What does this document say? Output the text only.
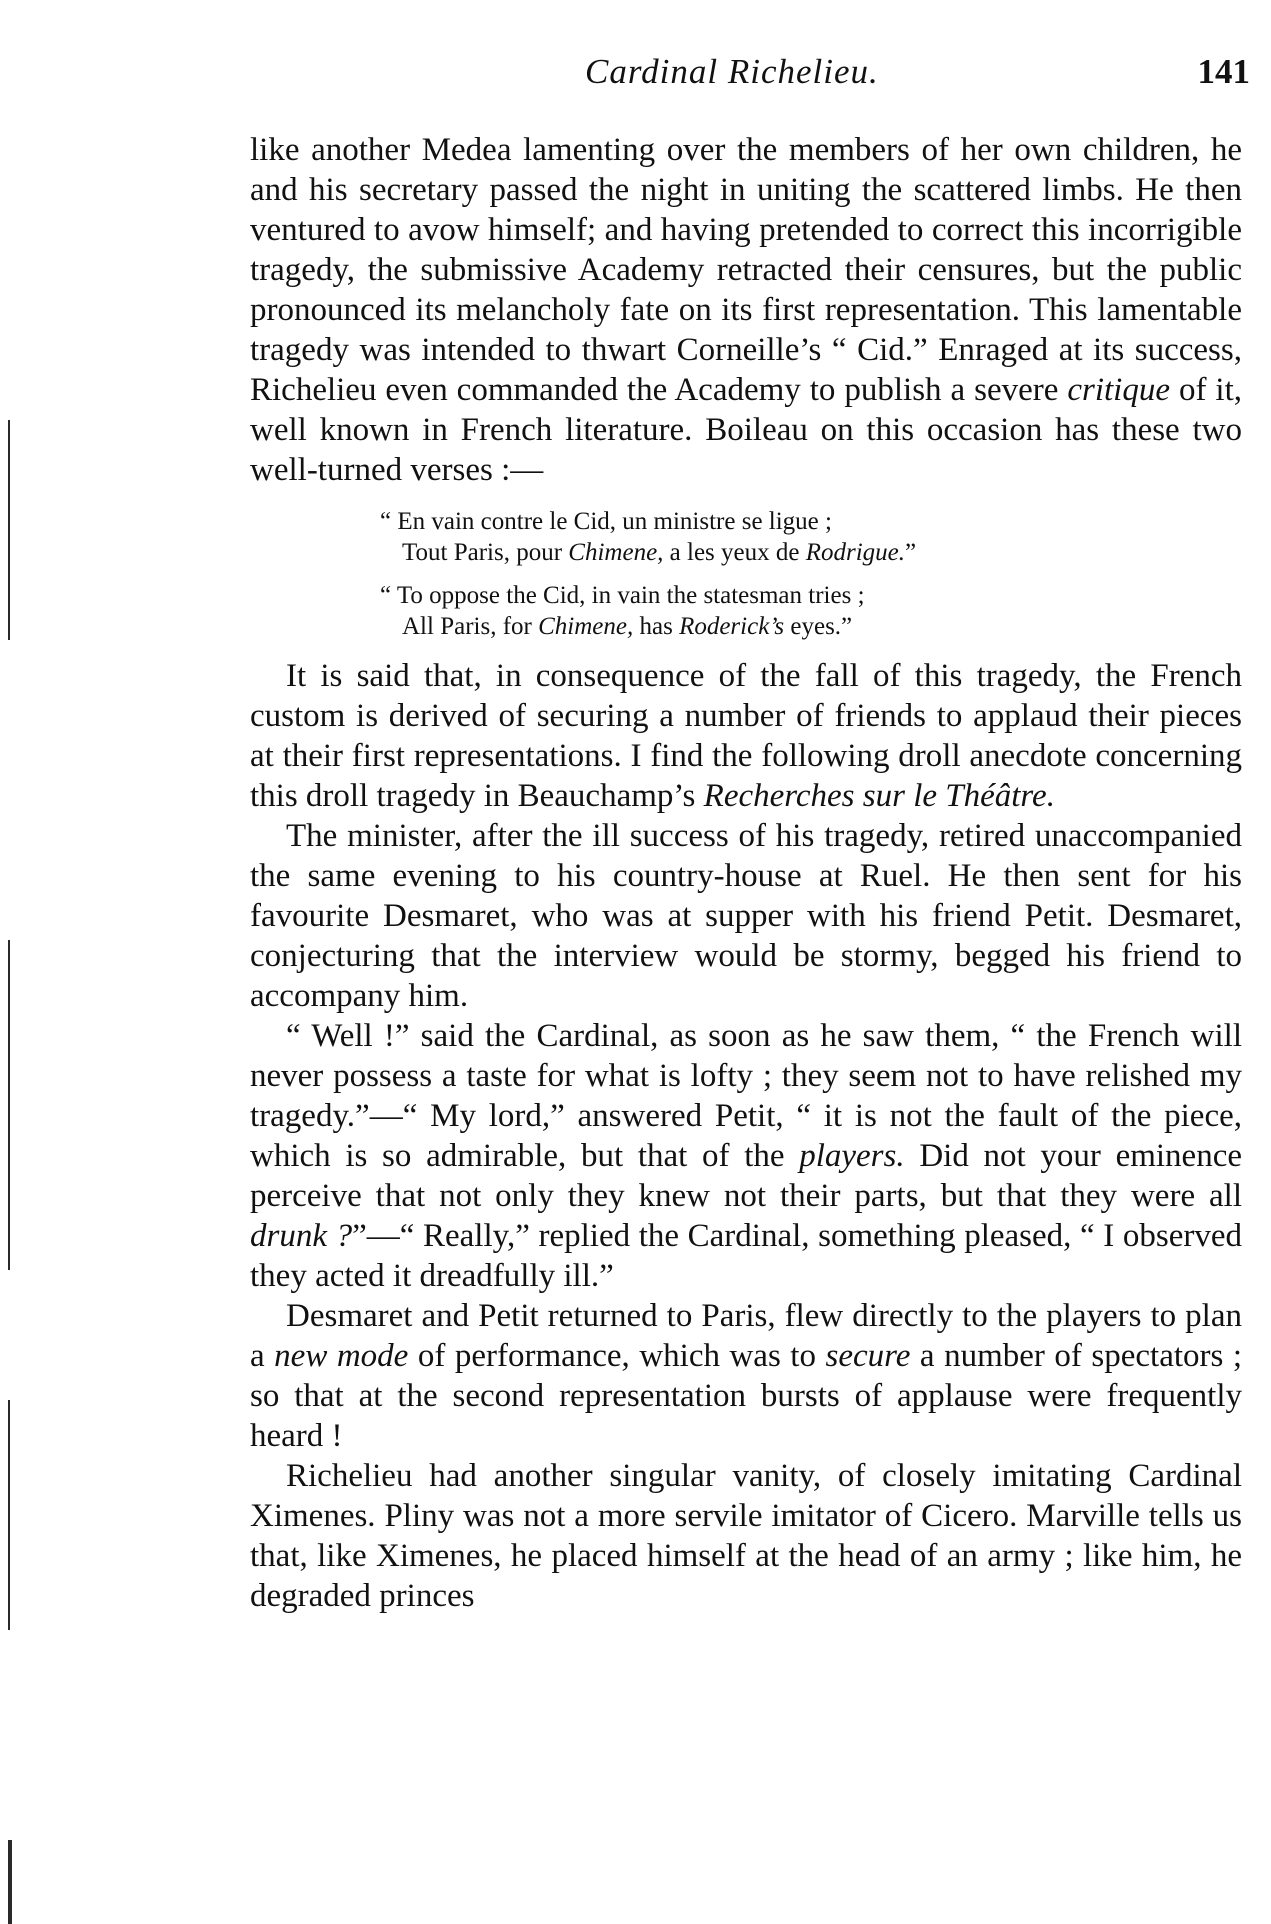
Cardinal Richelieu.	141

like another Medea lamenting over the members of her own children, he and his secretary passed the night in uniting the scattered limbs. He then ventured to avow himself; and having pretended to correct this incorrigible tragedy, the submissive Academy retracted their censures, but the public pronounced its melancholy fate on its first representation. This lamentable tragedy was intended to thwart Corneille’s “ Cid.” Enraged at its success, Richelieu even commanded the Academy to publish a severe critique of it, well known in French literature. Boileau on this occasion has these two well-turned verses :—

“ En vain contre le Cid, un ministre se ligue ;
Tout Paris, pour Chimene, a les yeux de Rodrigue.”
“ To oppose the Cid, in vain the statesman tries ;
All Paris, for Chimene, has Roderick’s eyes.”

It is said that, in consequence of the fall of this tragedy, the French custom is derived of securing a number of friends to applaud their pieces at their first representations. I find the following droll anecdote concerning this droll tragedy in Beauchamp’s Recherches sur le Théâtre.

The minister, after the ill success of his tragedy, retired unaccompanied the same evening to his country-house at Ruel. He then sent for his favourite Desmaret, who was at supper with his friend Petit. Desmaret, conjecturing that the interview would be stormy, begged his friend to accompany him.

“ Well !” said the Cardinal, as soon as he saw them, “ the French will never possess a taste for what is lofty ; they seem not to have relished my tragedy.”—“ My lord,” answered Petit, “ it is not the fault of the piece, which is so admirable, but that of the players. Did not your eminence perceive that not only they knew not their parts, but that they were all drunk ?”—“ Really,” replied the Cardinal, something pleased, “ I observed they acted it dreadfully ill.”

Desmaret and Petit returned to Paris, flew directly to the players to plan a new mode of performance, which was to secure a number of spectators ; so that at the second representation bursts of applause were frequently heard !

Richelieu had another singular vanity, of closely imitating Cardinal Ximenes. Pliny was not a more servile imitator of Cicero. Marville tells us that, like Ximenes, he placed himself at the head of an army ; like him, he degraded princes
